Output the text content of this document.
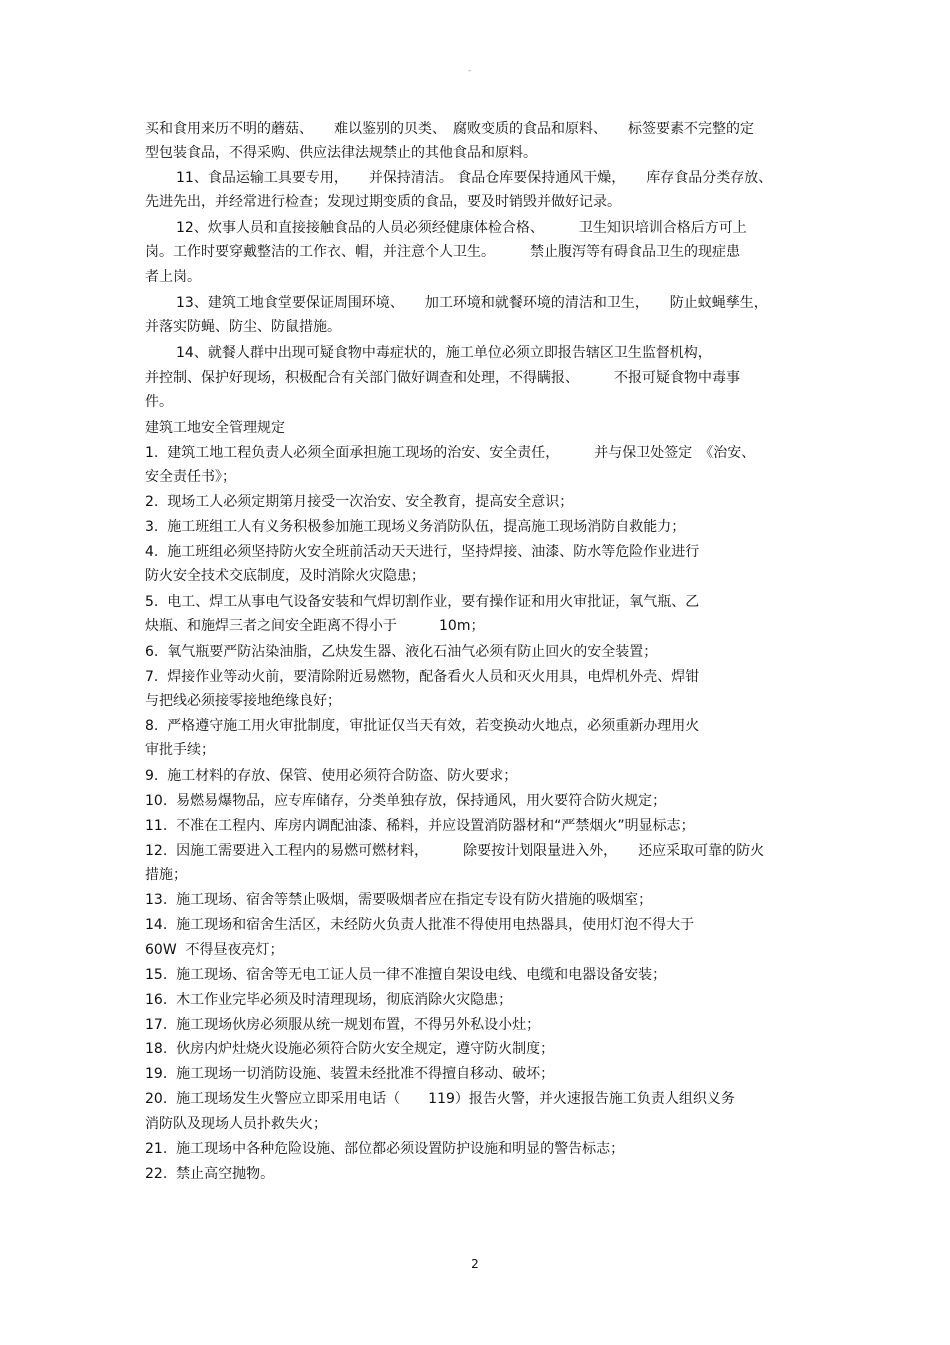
-
买和食用来历不明的蘑菇、　　难以鉴别的贝类、　腐败变质的食品和原料、　　标签要素不完整的定
型包装食品，不得采购、供应法律法规禁止的其他食品和原料。
11、食品运输工具要专用，　　并保持清洁。 食品仓库要保持通风干燥，　　库存食品分类存放、
先进先出，并经常进行检查；发现过期变质的食品，要及时销毁并做好记录。
12、炊事人员和直接接触食品的人员必须经健康体检合格、　　　卫生知识培训合格后方可上
岗。工作时要穿戴整洁的工作衣、帽，并注意个人卫生。　　　禁止腹泻等有碍食品卫生的现症患
者上岗。
13、建筑工地食堂要保证周围环境、　　加工环境和就餐环境的清洁和卫生，　　防止蚊蝇孳生，
并落实防蝇、防尘、防鼠措施。
14、就餐人群中出现可疑食物中毒症状的，施工单位必须立即报告辖区卫生监督机构，
并控制、保护好现场，积极配合有关部门做好调查和处理，不得瞒报、　　　不报可疑食物中毒事
件。
建筑工地安全管理规定
1.  建筑工地工程负责人必须全面承担施工现场的治安、安全责任，　　　并与保卫处签定　《治安、
安全责任书》；
2.  现场工人必须定期第月接受一次治安、安全教育，提高安全意识；
3.  施工班组工人有义务积极参加施工现场义务消防队伍，提高施工现场消防自救能力；
4.  施工班组必须坚持防火安全班前活动天天进行，坚持焊接、油漆、防水等危险作业进行
防火安全技术交底制度，及时消除火灾隐患；
5.  电工、焊工从事电气设备安装和气焊切割作业，要有操作证和用火审批证，氧气瓶、乙
炔瓶、和施焊三者之间安全距离不得小于　　　10m；
6.  氧气瓶要严防沾染油脂，乙炔发生器、液化石油气必须有防止回火的安全装置；
7.  焊接作业等动火前，要清除附近易燃物，配备看火人员和灭火用具，电焊机外壳、焊钳
与把线必须接零接地绝缘良好；
8.  严格遵守施工用火审批制度，审批证仅当天有效，若变换动火地点，必须重新办理用火
审批手续；
9.  施工材料的存放、保管、使用必须符合防盗、防火要求；
10.  易燃易爆物品，应专库储存，分类单独存放，保持通风，用火要符合防火规定；
11.  不准在工程内、库房内调配油漆、稀料，并应设置消防器材和“严禁烟火”明显标志；
12.  因施工需要进入工程内的易燃可燃材料，　　　除要按计划限量进入外，　　还应采取可靠的防火
措施；
13.  施工现场、宿舍等禁止吸烟，需要吸烟者应在指定专设有防火措施的吸烟室；
14.  施工现场和宿舍生活区，未经防火负责人批准不得使用电热器具，使用灯泡不得大于
60W  不得昼夜亮灯；
15.  施工现场、宿舍等无电工证人员一律不准擅自架设电线、电缆和电器设备安装；
16.  木工作业完毕必须及时清理现场，彻底消除火灾隐患；
17.  施工现场伙房必须服从统一规划布置，不得另外私设小灶；
18.  伙房内炉灶烧火设施必须符合防火安全规定，遵守防火制度；
19.  施工现场一切消防设施、装置未经批准不得擅自移动、破坏；
20.  施工现场发生火警应立即采用电话（　　119）报告火警，并火速报告施工负责人组织义务
消防队及现场人员扑救失火；
21.  施工现场中各种危险设施、部位都必须设置防护设施和明显的警告标志；
22.  禁止高空抛物。
2
